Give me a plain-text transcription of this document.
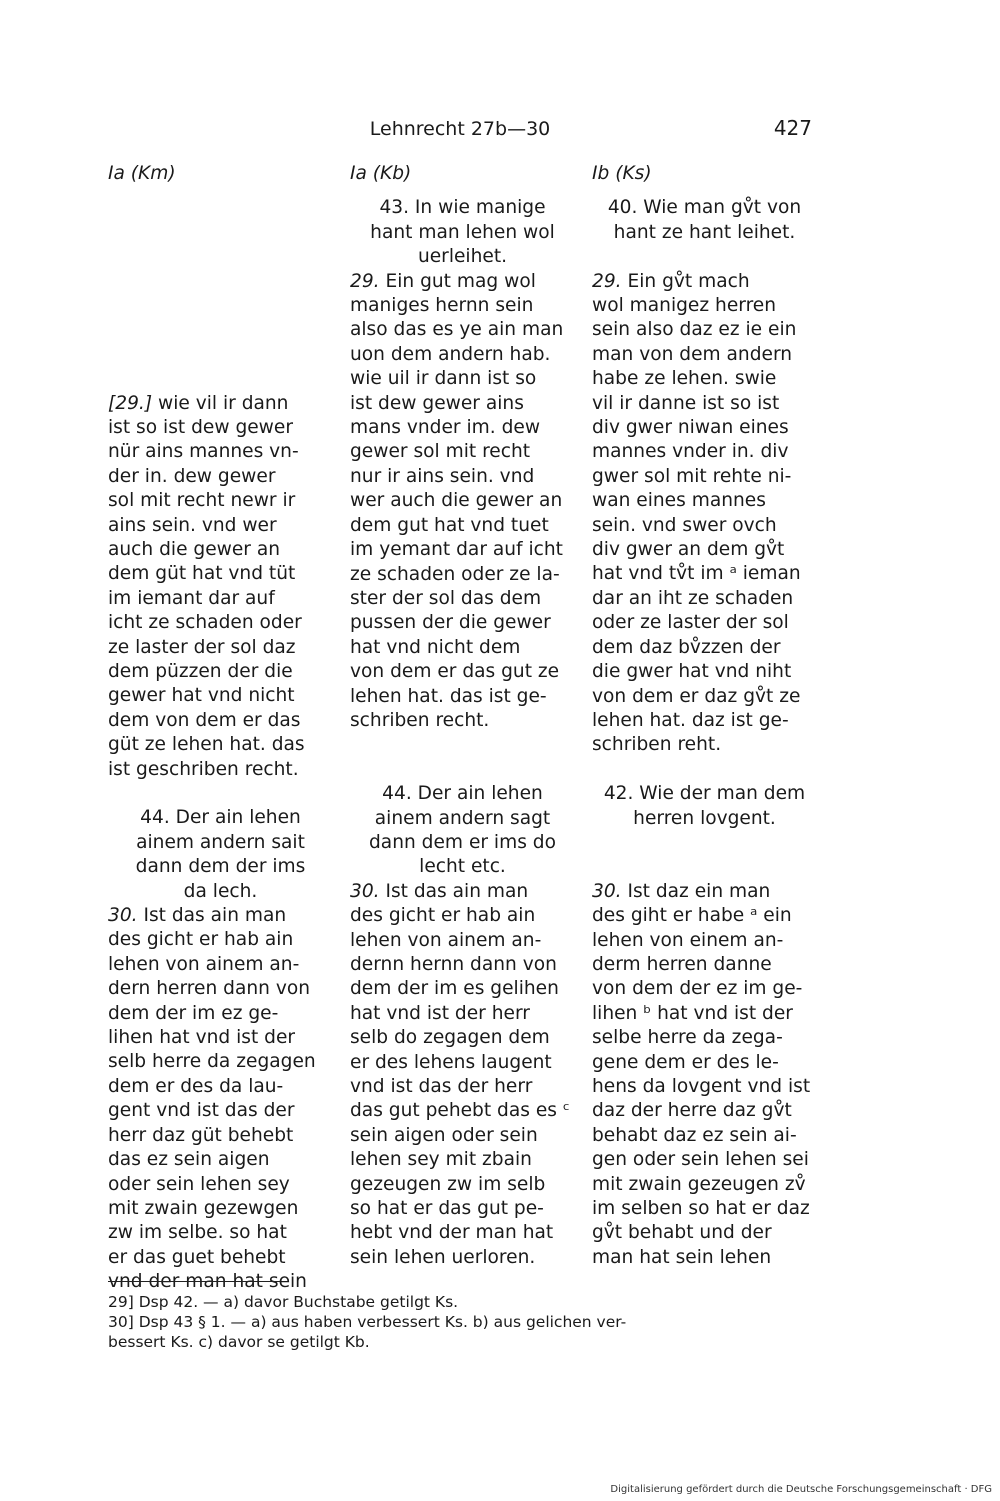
Lehnrecht 27b—30	427
Ia (Km)
[29.] wie vil ir dann
ist so ist dew gewer
nür ains mannes vn-
der in. dew gewer
sol mit recht newr ir
ains sein. vnd wer
auch die gewer an
dem güt hat vnd tüt
im iemant dar auf
icht ze schaden oder
ze laster der sol daz
dem püzzen der die
gewer hat vnd nicht
dem von dem er das
güt ze lehen hat. das
ist geschriben recht.
44. Der ain lehen
ainem andern sait
dann dem der ims
da lech.
30. Ist das ain man
des gicht er hab ain
lehen von ainem an-
dern herren dann von
dem der im ez ge-
lihen hat vnd ist der
selb herre da zegagen
dem er des da lau-
gent vnd ist das der
herr daz güt behebt
das ez sein aigen
oder sein lehen sey
mit zwain gezewgen
zw im selbe. so hat
er das guet behebt
vnd der man hat sein
Ia (Kb)
43. In wie manige
hant man lehen wol
uerleihet.
29. Ein gut mag wol
maniges hernn sein
also das es ye ain man
uon dem andern hab.
wie uil ir dann ist so
ist dew gewer ains
mans vnder im. dew
gewer sol mit recht
nur ir ains sein. vnd
wer auch die gewer an
dem gut hat vnd tuet
im yemant dar auf icht
ze schaden oder ze la-
ster der sol das dem
pussen der die gewer
hat vnd nicht dem
von dem er das gut ze
lehen hat. das ist ge-
schriben recht.
44. Der ain lehen
ainem andern sagt
dann dem er ims do
lecht etc.
30. Ist das ain man
des gicht er hab ain
lehen von ainem an-
dernn hernn dann von
dem der im es gelihen
hat vnd ist der herr
selb do zegagen dem
er des lehens laugent
vnd ist das der herr
das gut pehebt das es ᶜ
sein aigen oder sein
lehen sey mit zbain
gezeugen zw im selb
so hat er das gut pe-
hebt vnd der man hat
sein lehen uerloren.
Ib (Ks)
40. Wie man gv̊t von
hant ze hant leihet.
29. Ein gv̊t mach
wol manigez herren
sein also daz ez ie ein
man von dem andern
habe ze lehen. swie
vil ir danne ist so ist
div gwer niwan eines
mannes vnder in. div
gwer sol mit rehte ni-
wan eines mannes
sein. vnd swer ovch
div gwer an dem gv̊t
hat vnd tv̊t im ᵃ ieman
dar an iht ze schaden
oder ze laster der sol
dem daz bv̊zzen der
die gwer hat vnd niht
von dem er daz gv̊t ze
lehen hat. daz ist ge-
schriben reht.
42. Wie der man dem
herren lovgent.
30. Ist daz ein man
des giht er habe ᵃ ein
lehen von einem an-
derm herren danne
von dem der ez im ge-
lihen ᵇ hat vnd ist der
selbe herre da zega-
gene dem er des le-
hens da lovgent vnd ist
daz der herre daz gv̊t
behabt daz ez sein ai-
gen oder sein lehen sei
mit zwain gezeugen zv̊
im selben so hat er daz
gv̊t behabt und der
man hat sein lehen
29] Dsp 42. — a) davor Buchstabe getilgt Ks.
30] Dsp 43 § 1. — a) aus haben verbessert Ks. b) aus gelichen ver-
bessert Ks. c) davor se getilgt Kb.
Digitalisierung gefördert durch die Deutsche Forschungsgemeinschaft · DFG
